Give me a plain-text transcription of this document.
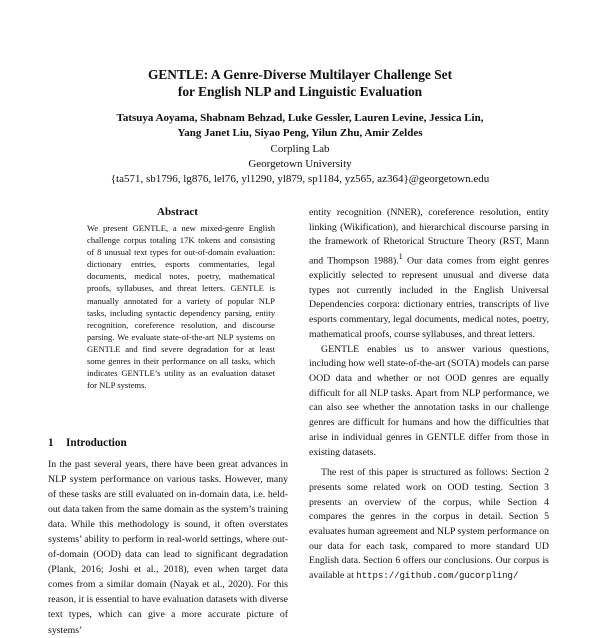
GENTLE: A Genre-Diverse Multilayer Challenge Set
for English NLP and Linguistic Evaluation
Tatsuya Aoyama, Shabnam Behzad, Luke Gessler, Lauren Levine, Jessica Lin,
Yang Janet Liu, Siyao Peng, Yilun Zhu, Amir Zeldes
Corpling Lab
Georgetown University
{ta571, sb1796, lg876, lel76, yl1290, yl879, sp1184, yz565, az364}@georgetown.edu
Abstract
We present GENTLE, a new mixed-genre English challenge corpus totaling 17K tokens and consisting of 8 unusual text types for out-of-domain evaluation: dictionary entries, esports commentaries, legal documents, medical notes, poetry, mathematical proofs, syllabuses, and threat letters. GENTLE is manually annotated for a variety of popular NLP tasks, including syntactic dependency parsing, entity recognition, coreference resolution, and discourse parsing. We evaluate state-of-the-art NLP systems on GENTLE and find severe degradation for at least some genres in their performance on all tasks, which indicates GENTLE’s utility as an evaluation dataset for NLP systems.
1 Introduction
In the past several years, there have been great advances in NLP system performance on various tasks. However, many of these tasks are still evaluated on in-domain data, i.e. held-out data taken from the same domain as the system’s training data. While this methodology is sound, it often overstates systems’ ability to perform in real-world settings, where out-of-domain (OOD) data can lead to significant degradation (Plank, 2016; Joshi et al., 2018), even when target data comes from a similar domain (Nayak et al., 2020). For this reason, it is essential to have evaluation datasets with diverse text types, which can give a more accurate picture of systems’

entity recognition (NNER), coreference resolution, entity linking (Wikification), and hierarchical discourse parsing in the framework of Rhetorical Structure Theory (RST, Mann and Thompson 1988).$^1$ Our data comes from eight genres explicitly selected to represent unusual and diverse data types not currently included in the English Universal Dependencies corpora: dictionary entries, transcripts of live esports commentary, legal documents, medical notes, poetry, mathematical proofs, course syllabuses, and threat letters.

GENTLE enables us to answer various questions, including how well state-of-the-art (SOTA) models can parse OOD data and whether or not OOD genres are equally difficult for all NLP tasks. Apart from NLP performance, we can also see whether the annotation tasks in our challenge genres are difficult for humans and how the difficulties that arise in individual genres in GENTLE differ from those in existing datasets.

The rest of this paper is structured as follows: Section 2 presents some related work on OOD testing. Section 3 presents an overview of the corpus, while Section 4 compares the genres in the corpus in detail. Section 5 evaluates human agreement and NLP system performance on our data for each task, compared to more standard UD English data. Section 6 offers our conclusions. Our corpus is available at https://github.com/gucorpling/
